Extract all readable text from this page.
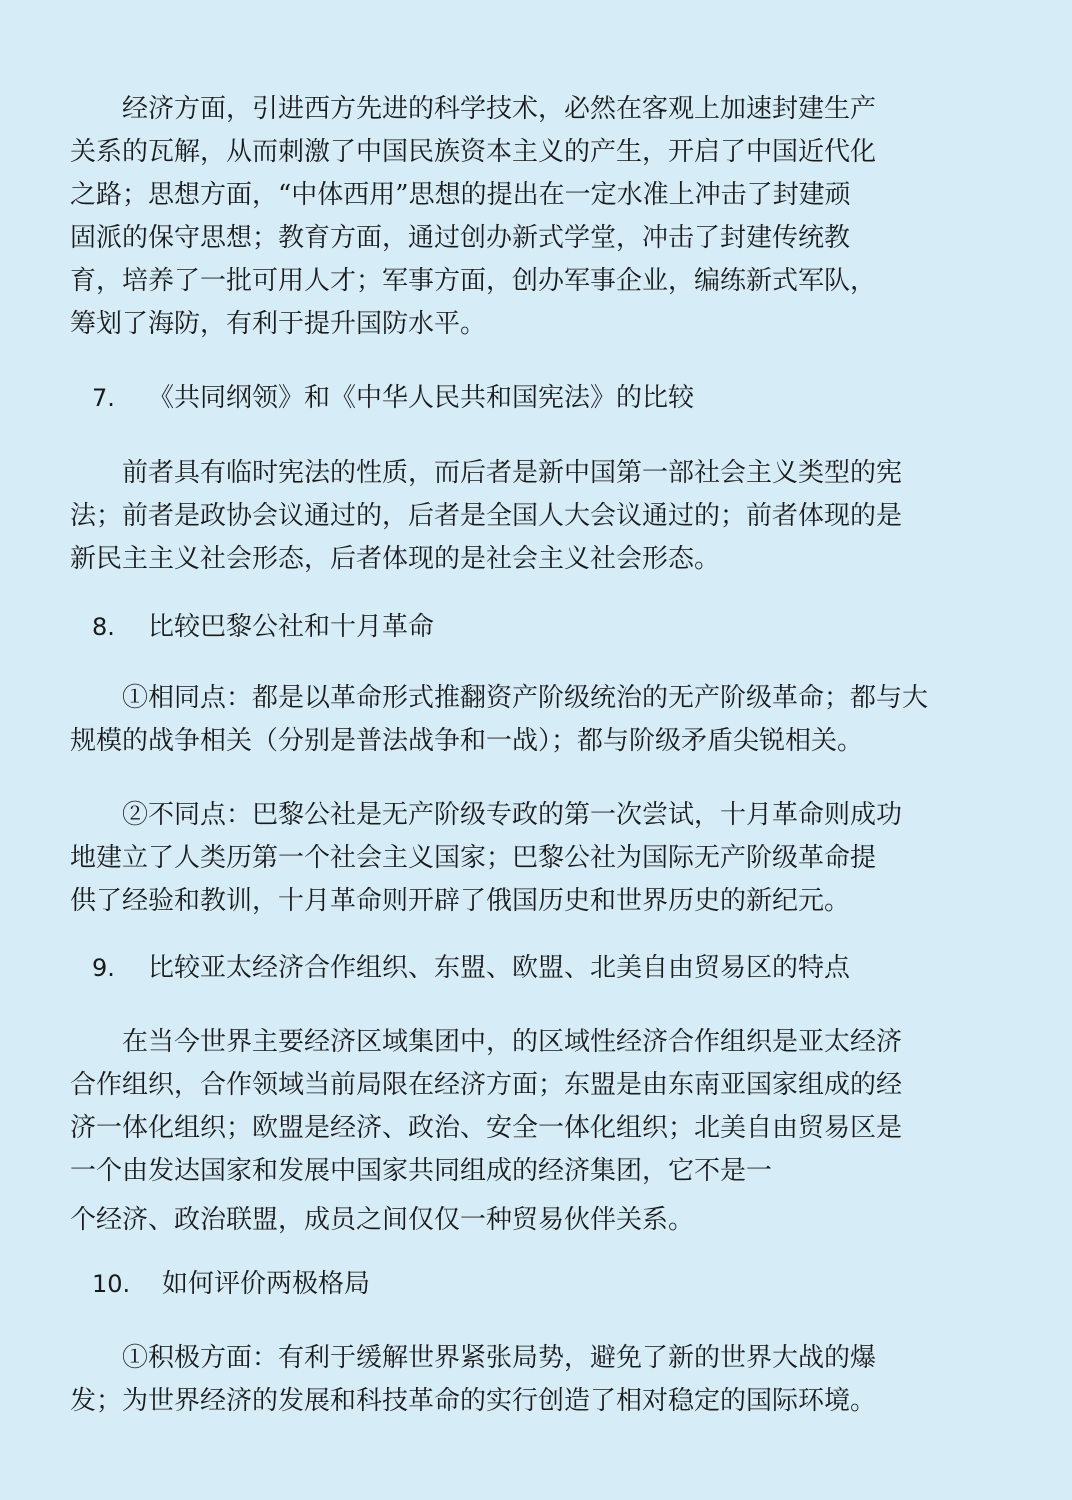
　　经济方面，引进西方先进的科学技术，必然在客观上加速封建生产
关系的瓦解，从而刺激了中国民族资本主义的产生，开启了中国近代化
之路；思想方面，“中体西用”思想的提出在一定水准上冲击了封建顽
固派的保守思想；教育方面，通过创办新式学堂，冲击了封建传统教
育，培养了一批可用人才；军事方面，创办军事企业，编练新式军队，
筹划了海防，有利于提升国防水平。

7. 《共同纲领》和《中华人民共和国宪法》的比较

　　前者具有临时宪法的性质，而后者是新中国第一部社会主义类型的宪
法；前者是政协会议通过的，后者是全国人大会议通过的；前者体现的是
新民主主义社会形态，后者体现的是社会主义社会形态。

8. 比较巴黎公社和十月革命

　　①相同点：都是以革命形式推翻资产阶级统治的无产阶级革命；都与大
规模的战争相关（分别是普法战争和一战）；都与阶级矛盾尖锐相关。

　　②不同点：巴黎公社是无产阶级专政的第一次尝试，十月革命则成功
地建立了人类历第一个社会主义国家；巴黎公社为国际无产阶级革命提
供了经验和教训，十月革命则开辟了俄国历史和世界历史的新纪元。

9. 比较亚太经济合作组织、东盟、欧盟、北美自由贸易区的特点

　　在当今世界主要经济区域集团中，的区域性经济合作组织是亚太经济
合作组织，合作领域当前局限在经济方面；东盟是由东南亚国家组成的经
济一体化组织；欧盟是经济、政治、安全一体化组织；北美自由贸易区是
一个由发达国家和发展中国家共同组成的经济集团，它不是一
个经济、政治联盟，成员之间仅仅一种贸易伙伴关系。

10. 如何评价两极格局

　　①积极方面：有利于缓解世界紧张局势，避免了新的世界大战的爆
发；为世界经济的发展和科技革命的实行创造了相对稳定的国际环境。
